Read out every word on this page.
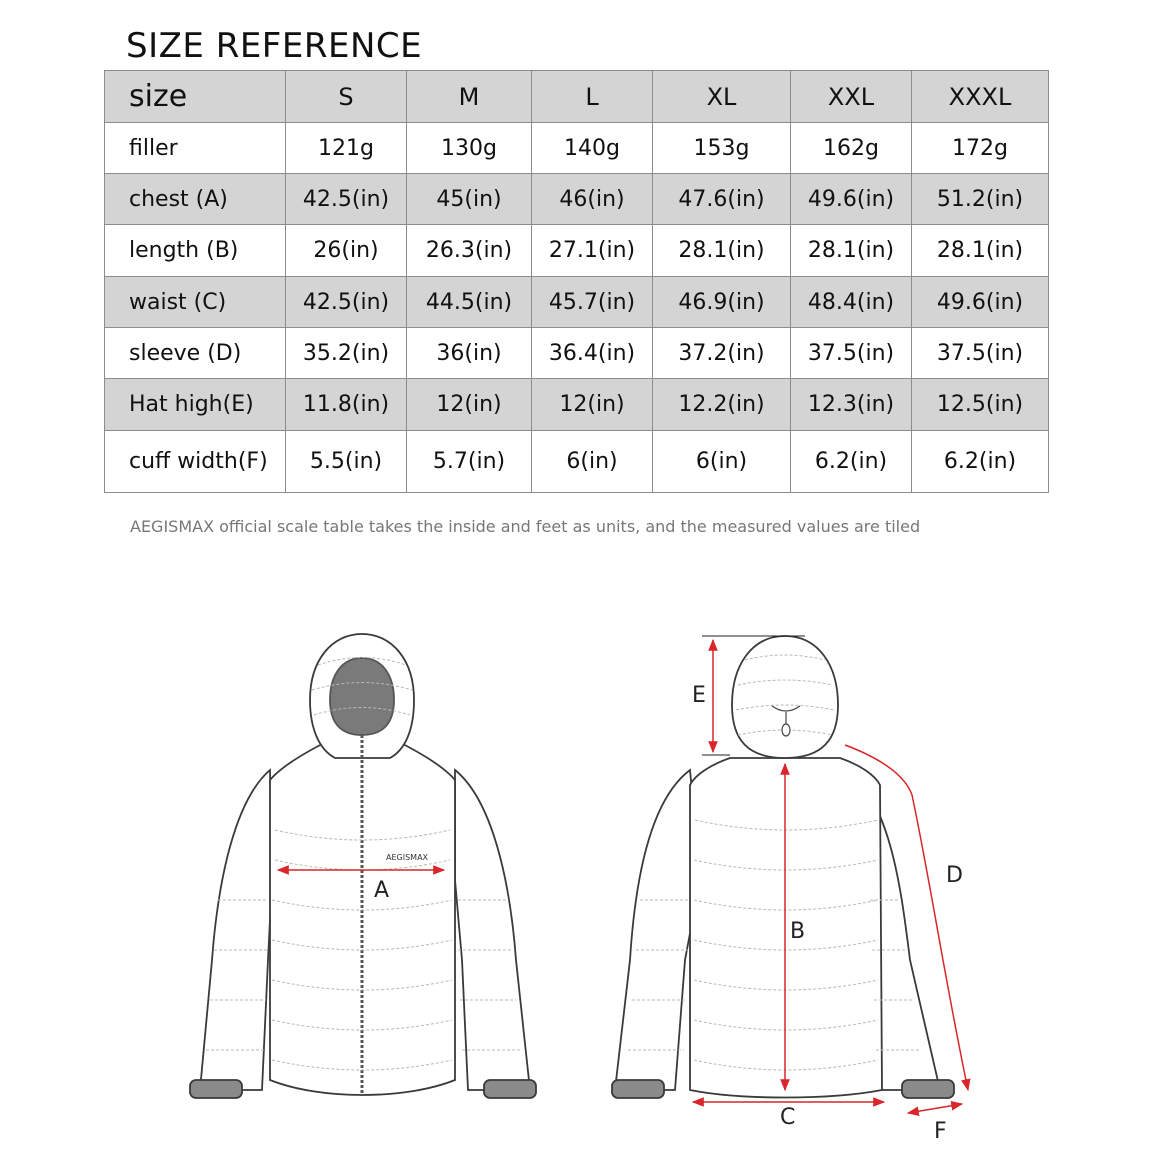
SIZE REFERENCE
size	S	M	L	XL	XXL	XXXL
filler	121g	130g	140g	153g	162g	172g
chest (A)	42.5(in)	45(in)	46(in)	47.6(in)	49.6(in)	51.2(in)
length (B)	26(in)	26.3(in)	27.1(in)	28.1(in)	28.1(in)	28.1(in)
waist (C)	42.5(in)	44.5(in)	45.7(in)	46.9(in)	48.4(in)	49.6(in)
sleeve (D)	35.2(in)	36(in)	36.4(in)	37.2(in)	37.5(in)	37.5(in)
Hat high(E)	11.8(in)	12(in)	12(in)	12.2(in)	12.3(in)	12.5(in)
cuff width(F)	5.5(in)	5.7(in)	6(in)	6(in)	6.2(in)	6.2(in)
AEGISMAX official scale table takes the inside and feet as units, and the measured values are tiled
AEGISMAX
A
E
B
C
D
F
